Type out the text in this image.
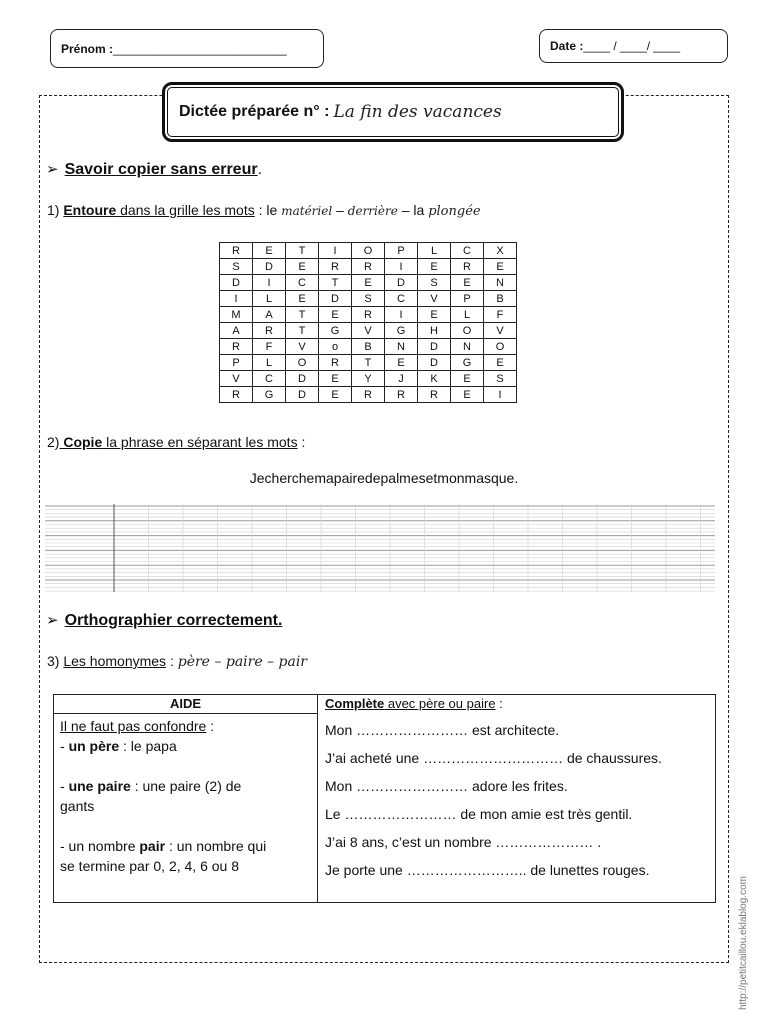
Prénom : __________________________	Date : ____ / ____/ ____
Dictée préparée n° : La fin des vacances
➢ Savoir copier sans erreur.
1) Entoure dans la grille les mots : le matériel – derrière – la plongée
R	E	T	I	O	P	L	C	X
S	D	E	R	R	I	E	R	E
D	I	C	T	E	D	S	E	N
I	L	E	D	S	C	V	P	B
M	A	T	E	R	I	E	L	F
A	R	T	G	V	G	H	O	V
R	F	V	o	B	N	D	N	O
P	L	O	R	T	E	D	G	E
V	C	D	E	Y	J	K	E	S
R	G	D	E	R	R	R	E	I
2) Copie la phrase en séparant les mots :
Jecherchemapairedepalmesetmonmasque.
➢ Orthographier correctement.
3) Les homonymes : père – paire – pair
AIDE
Il ne faut pas confondre :
- un père : le papa
- une paire : une paire (2) de
gants
- un nombre pair : un nombre qui
se termine par 0, 2, 4, 6 ou 8
Complète avec père ou paire :
Mon …………………… est architecte.
J’ai acheté une ………………………… de chaussures.
Mon …………………… adore les frites.
Le …………………… de mon amie est très gentil.
J’ai 8 ans, c’est un nombre ………………… .
Je porte une …………………….. de lunettes rouges.
http://petitcaillou.eklablog.com
